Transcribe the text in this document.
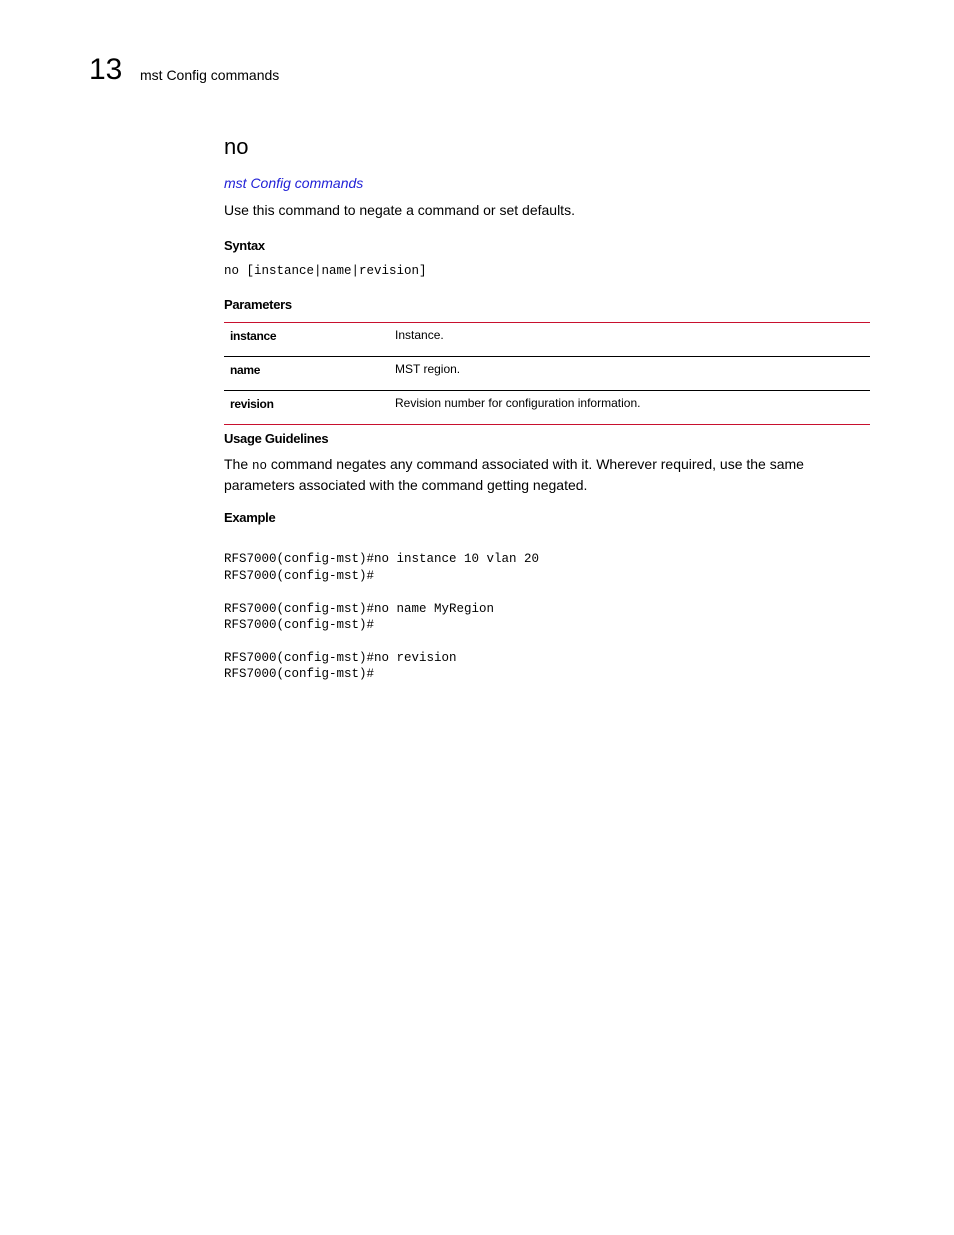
13 mst Config commands
no
mst Config commands
Use this command to negate a command or set defaults.
Syntax
no [instance|name|revision]
Parameters
instance	Instance.
name	MST region.
revision	Revision number for configuration information.
Usage Guidelines
The no command negates any command associated with it. Wherever required, use the same
parameters associated with the command getting negated.
Example

RFS7000(config-mst)#no instance 10 vlan 20
RFS7000(config-mst)#
RFS7000(config-mst)#no name MyRegion
RFS7000(config-mst)#
RFS7000(config-mst)#no revision
RFS7000(config-mst)#
